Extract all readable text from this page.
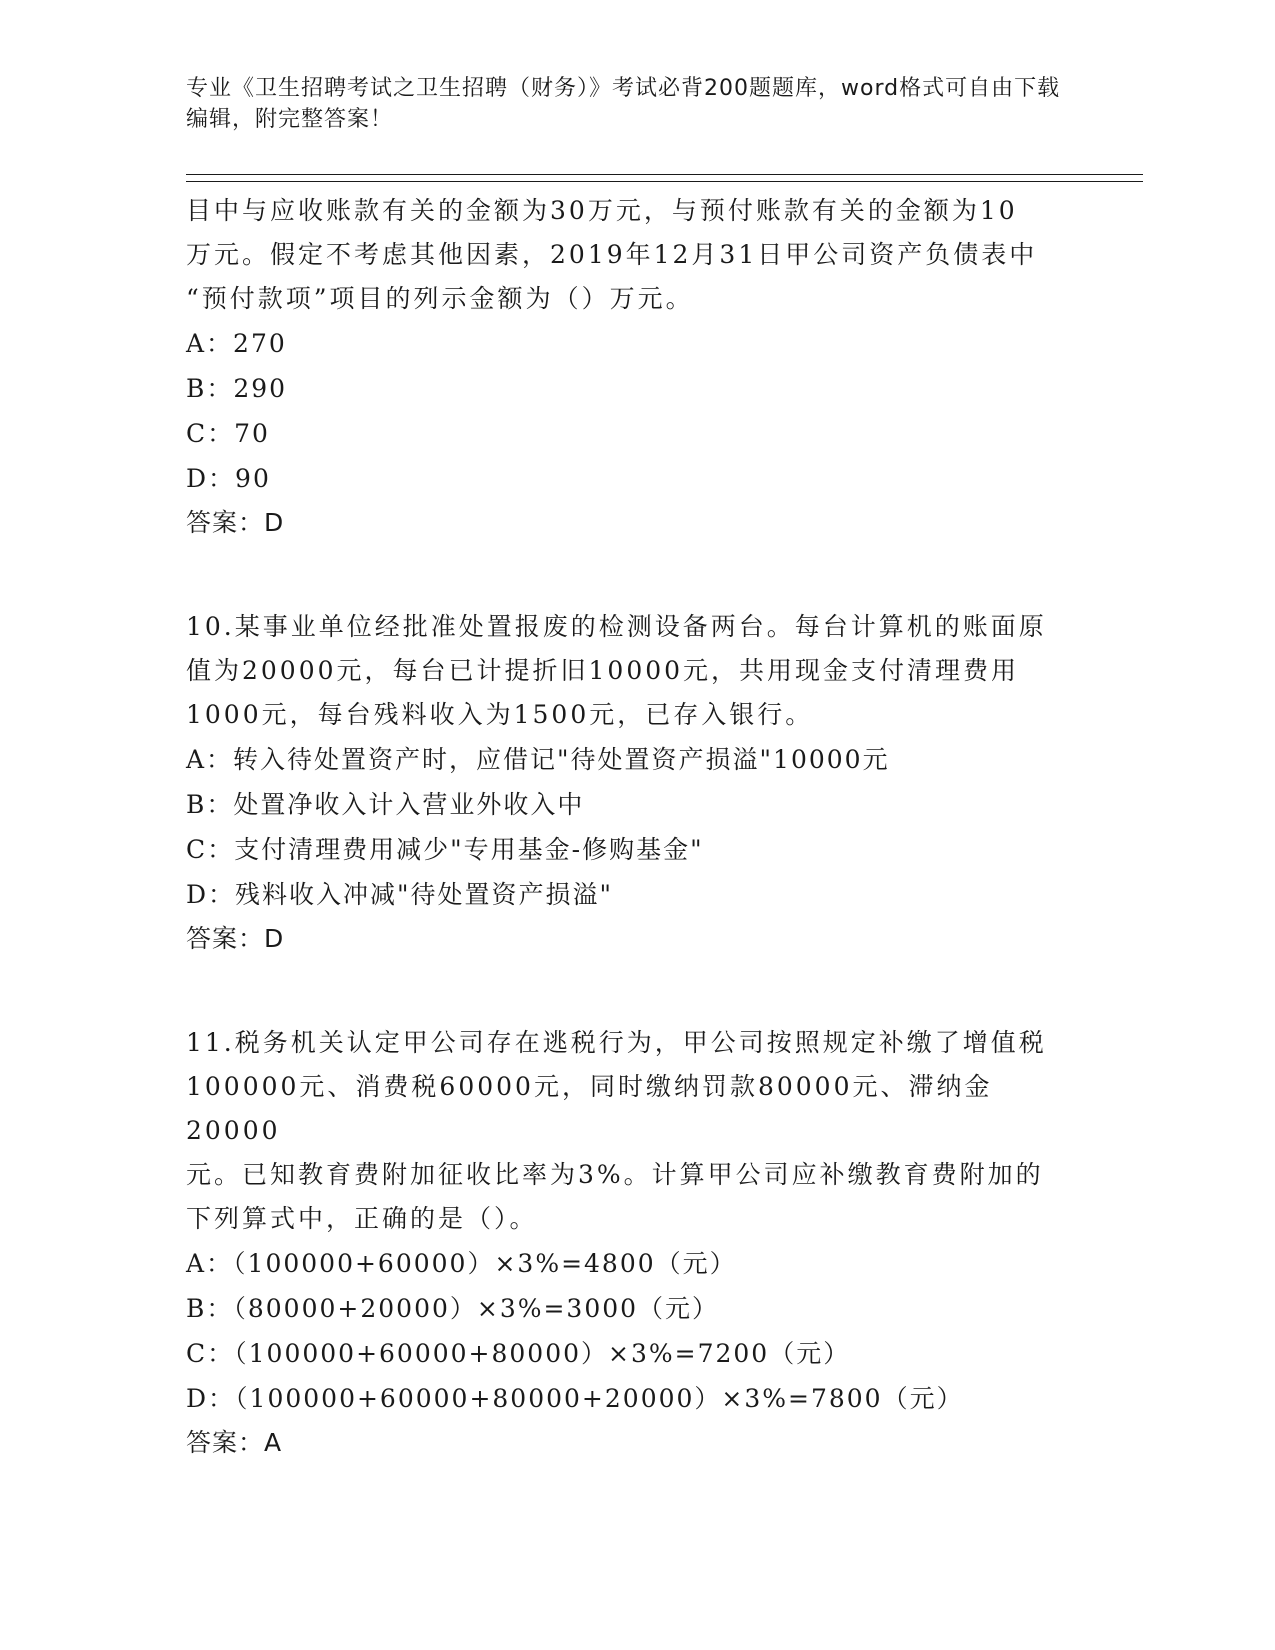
专业《卫生招聘考试之卫生招聘（财务）》考试必背200题题库，word格式可自由下载编辑，附完整答案！

目中与应收账款有关的金额为30万元，与预付账款有关的金额为10

万元。假定不考虑其他因素，2019年12月31日甲公司资产负债表中

“预付款项”项目的列示金额为（）万元。

A：270

B：290

C：70

D：90

答案：D

10.某事业单位经批准处置报废的检测设备两台。每台计算机的账面原

值为20000元，每台已计提折旧10000元，共用现金支付清理费用

1000元，每台残料收入为1500元，已存入银行。

A：转入待处置资产时，应借记"待处置资产损溢"10000元

B：处置净收入计入营业外收入中

C：支付清理费用减少"专用基金-修购基金"

D：残料收入冲减"待处置资产损溢"

答案：D

11.税务机关认定甲公司存在逃税行为，甲公司按照规定补缴了增值税

100000元、消费税60000元，同时缴纳罚款80000元、滞纳金20000

元。已知教育费附加征收比率为3%。计算甲公司应补缴教育费附加的

下列算式中，正确的是（）。

A：（100000+60000）×3%=4800（元）

B：（80000+20000）×3%=3000（元）

C：（100000+60000+80000）×3%=7200（元）

D：（100000+60000+80000+20000）×3%=7800（元）

答案：A
